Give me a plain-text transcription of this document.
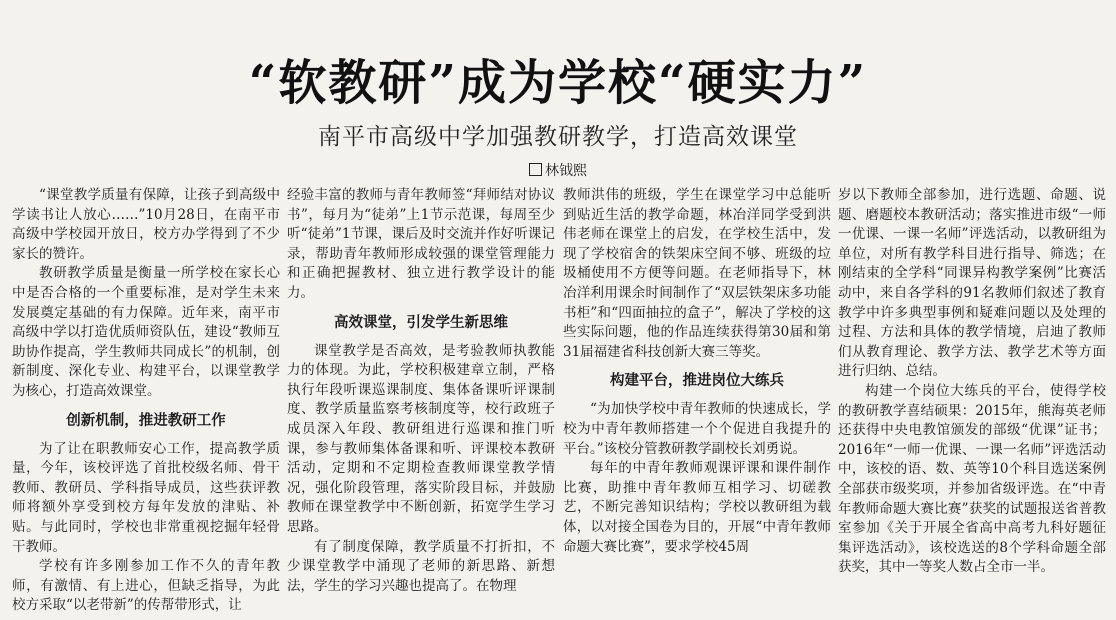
“软教研”成为学校“硬实力”
南平市高级中学加强教研教学，打造高效课堂
林钺熙

“课堂教学质量有保障，让孩子到高级中学读书让人放心……”10月28日，在南平市高级中学校园开放日，校方办学得到了不少家长的赞许。

教研教学质量是衡量一所学校在家长心中是否合格的一个重要标准，是对学生未来发展奠定基础的有力保障。近年来，南平市高级中学以打造优质师资队伍，建设“教师互助协作提高，学生教师共同成长”的机制，创新制度、深化专业、构建平台，以课堂教学为核心，打造高效课堂。

创新机制，推进教研工作

为了让在职教师安心工作，提高教学质量，今年，该校评选了首批校级名师、骨干教师、教研员、学科指导成员，这些获评教师将额外享受到校方每年发放的津贴、补贴。与此同时，学校也非常重视挖掘年轻骨干教师。

学校有许多刚参加工作不久的青年教师，有激情、有上进心，但缺乏指导，为此校方采取“以老带新”的传帮带形式，让

经验丰富的教师与青年教师签“拜师结对协议书”，每月为“徒弟”上1节示范课，每周至少听“徒弟”1节课，课后及时交流并作好听课记录，帮助青年教师形成较强的课堂管理能力和正确把握教材、独立进行教学设计的能力。

高效课堂，引发学生新思维

课堂教学是否高效，是考验教师执教能力的体现。为此，学校积极建章立制，严格执行年段听课巡课制度、集体备课听评课制度、教学质量监察考核制度等，校行政班子成员深入年段、教研组进行巡课和推门听课，参与教师集体备课和听、评课校本教研活动，定期和不定期检查教师课堂教学情况，强化阶段管理，落实阶段目标，并鼓励教师在课堂教学中不断创新，拓宽学生学习思路。

有了制度保障，教学质量不打折扣，不少课堂教学中涌现了老师的新思路、新想法，学生的学习兴趣也提高了。在物理

教师洪伟的班级，学生在课堂学习中总能听到贴近生活的教学命题，林冶洋同学受到洪伟老师在课堂上的启发，在学校生活中，发现了学校宿舍的铁架床空间不够、班级的垃圾桶使用不方便等问题。在老师指导下，林冶洋利用课余时间制作了“双层铁架床多功能书柜”和“四面抽拉的盒子”，解决了学校的这些实际问题，他的作品连续获得第30届和第31届福建省科技创新大赛三等奖。

构建平台，推进岗位大练兵

“为加快学校中青年教师的快速成长，学校为中青年教师搭建一个个促进自我提升的平台。”该校分管教研教学副校长刘勇说。

每年的中青年教师观课评课和课件制作比赛，助推中青年教师互相学习、切磋教艺，不断完善知识结构；学校以教研组为载体，以对接全国卷为目的，开展“中青年教师命题大赛比赛”，要求学校45周

岁以下教师全部参加，进行选题、命题、说题、磨题校本教研活动；落实推进市级“一师一优课、一课一名师”评选活动，以教研组为单位，对所有教学科目进行指导、筛选；在刚结束的全学科“同课异构教学案例”比赛活动中，来自各学科的91名教师们叙述了教育教学中许多典型事例和疑难问题以及处理的过程、方法和具体的教学情境，启迪了教师们从教育理论、教学方法、教学艺术等方面进行归纳、总结。

构建一个岗位大练兵的平台，使得学校的教研教学喜结硕果：2015年，熊海英老师还获得中央电教馆颁发的部级“优课”证书；2016年“一师一优课、一课一名师”评选活动中，该校的语、数、英等10个科目选送案例全部获市级奖项，并参加省级评选。在“中青年教师命题大赛比赛”获奖的试题报送省普教室参加《关于开展全省高中高考九科好题征集评选活动》，该校选送的8个学科命题全部获奖，其中一等奖人数占全市一半。
